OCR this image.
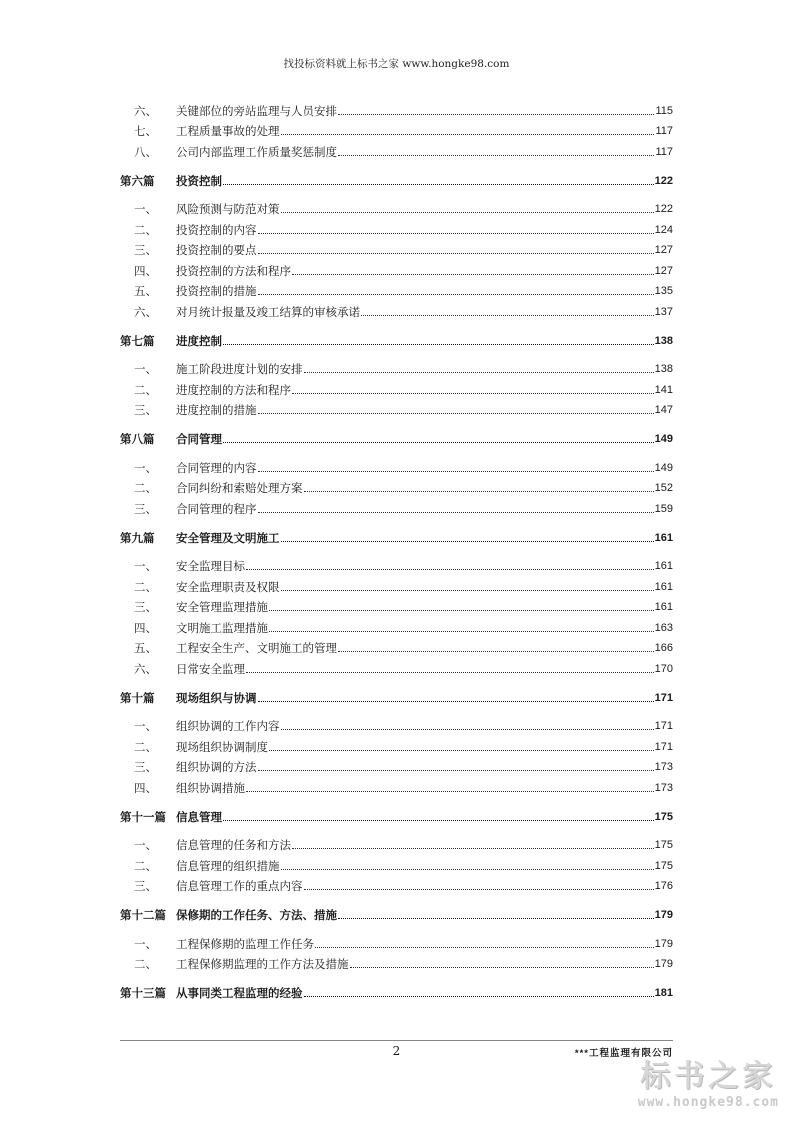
找投标资料就上标书之家 www.hongke98.com
六、	关键部位的旁站监理与人员安排	115
七、	工程质量事故的处理	117
八、	公司内部监理工作质量奖惩制度	117
第六篇	投资控制	122
一、	风险预测与防范对策	122
二、	投资控制的内容	124
三、	投资控制的要点	127
四、	投资控制的方法和程序	127
五、	投资控制的措施	135
六、	对月统计报量及竣工结算的审核承诺	137
第七篇	进度控制	138
一、	施工阶段进度计划的安排	138
二、	进度控制的方法和程序	141
三、	进度控制的措施	147
第八篇	合同管理	149
一、	合同管理的内容	149
二、	合同纠纷和索赔处理方案	152
三、	合同管理的程序	159
第九篇	安全管理及文明施工	161
一、	安全监理目标	161
二、	安全监理职责及权限	161
三、	安全管理监理措施	161
四、	文明施工监理措施	163
五、	工程安全生产、文明施工的管理	166
六、	日常安全监理	170
第十篇	现场组织与协调	171
一、	组织协调的工作内容	171
二、	现场组织协调制度	171
三、	组织协调的方法	173
四、	组织协调措施	173
第十一篇 信息管理	175
一、	信息管理的任务和方法	175
二、	信息管理的组织措施	175
三、	信息管理工作的重点内容	176
第十二篇 保修期的工作任务、方法、措施	179
一、	工程保修期的监理工作任务	179
二、	工程保修期监理的工作方法及措施	179
第十三篇 从事同类工程监理的经验	181
2	***工程监理有限公司
标书之家
www.hongke98.com
